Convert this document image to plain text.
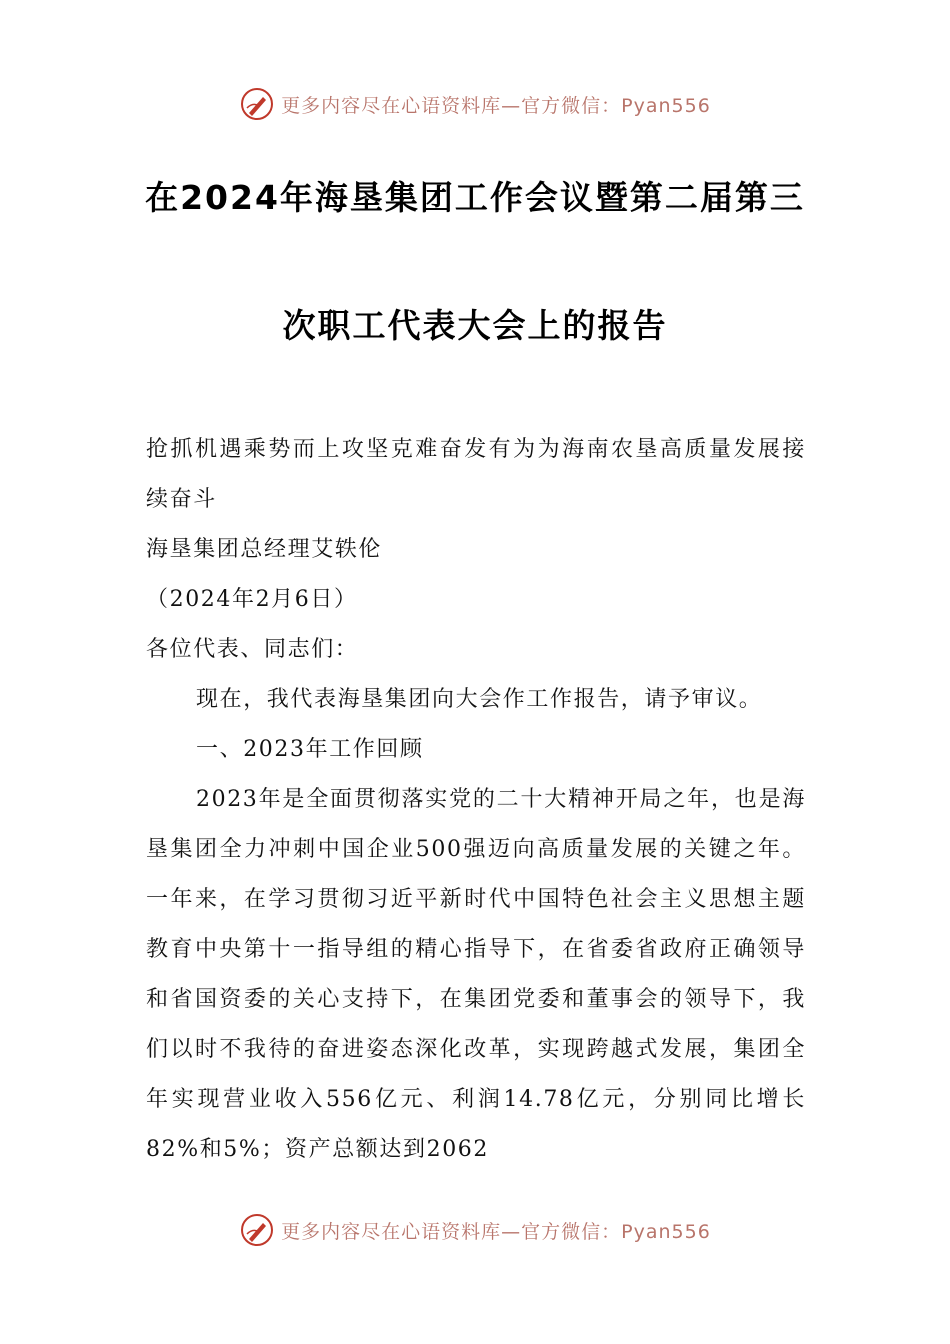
更多内容尽在心语资料库—官方微信：Pyan556
在2024年海垦集团工作会议暨第二届第三
次职工代表大会上的报告

抢抓机遇乘势而上攻坚克难奋发有为为海南农垦高质量发展接续奋斗

海垦集团总经理艾轶伦

（2024年2月6日）

各位代表、同志们：

现在，我代表海垦集团向大会作工作报告，请予审议。

一、2023年工作回顾

2023年是全面贯彻落实党的二十大精神开局之年，也是海垦集团全力冲刺中国企业500强迈向高质量发展的关键之年。一年来，在学习贯彻习近平新时代中国特色社会主义思想主题教育中央第十一指导组的精心指导下，在省委省政府正确领导和省国资委的关心支持下，在集团党委和董事会的领导下，我们以时不我待的奋进姿态深化改革，实现跨越式发展，集团全年实现营业收入556亿元、利润14.78亿元，分别同比增长82%和5%；资产总额达到2062

更多内容尽在心语资料库—官方微信：Pyan556
